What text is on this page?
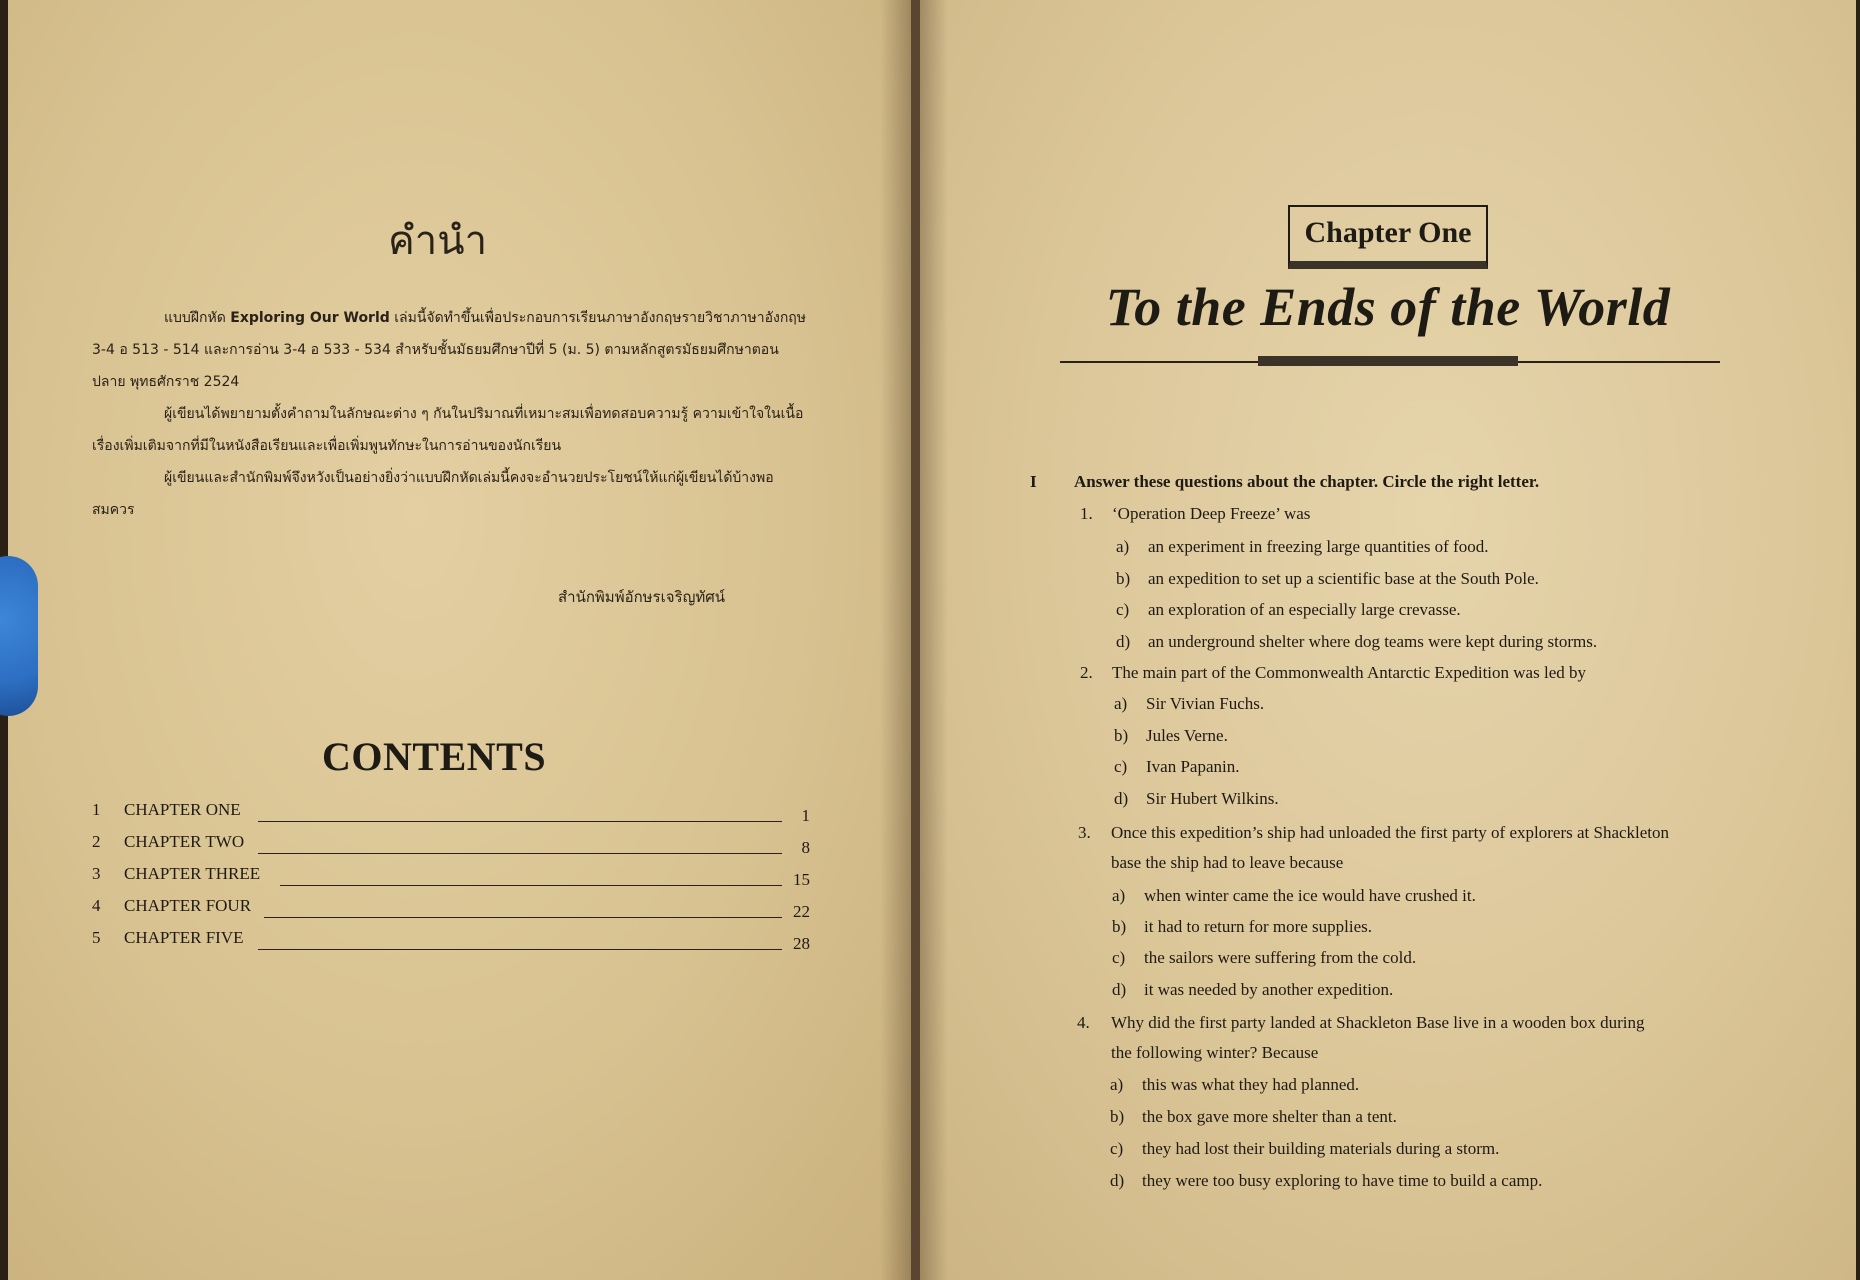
คำนำ

แบบฝึกหัด Exploring Our World เล่มนี้จัดทำขึ้นเพื่อประกอบการเรียนภาษาอังกฤษรายวิชาภาษาอังกฤษ 3-4 อ 513 - 514 และการอ่าน 3-4 อ 533 - 534 สำหรับชั้นมัธยมศึกษาปีที่ 5 (ม. 5) ตามหลักสูตรมัธยมศึกษาตอนปลาย พุทธศักราช 2524

ผู้เขียนได้พยายามตั้งคำถามในลักษณะต่าง ๆ กันในปริมาณที่เหมาะสมเพื่อทดสอบความรู้ ความเข้าใจในเนื้อเรื่องเพิ่มเติมจากที่มีในหนังสือเรียนและเพื่อเพิ่มพูนทักษะในการอ่านของนักเรียน

ผู้เขียนและสำนักพิมพ์จึงหวังเป็นอย่างยิ่งว่าแบบฝึกหัดเล่มนี้คงจะอำนวยประโยชน์ให้แก่ผู้เขียนได้บ้างพอสมควร

สำนักพิมพ์อักษรเจริญทัศน์
CONTENTS
1 CHAPTER ONE	1
2 CHAPTER TWO	8
3 CHAPTER THREE	15
4 CHAPTER FOUR	22
5 CHAPTER FIVE	28
Chapter One
To the Ends of the World
I Answer these questions about the chapter. Circle the right letter.
1. ‘Operation Deep Freeze’ was
a) an experiment in freezing large quantities of food.
b) an expedition to set up a scientific base at the South Pole.
c) an exploration of an especially large crevasse.
d) an underground shelter where dog teams were kept during storms.
2. The main part of the Commonwealth Antarctic Expedition was led by
a) Sir Vivian Fuchs.
b) Jules Verne.
c) Ivan Papanin.
d) Sir Hubert Wilkins.
3. Once this expedition’s ship had unloaded the first party of explorers at Shackleton
base the ship had to leave because
a) when winter came the ice would have crushed it.
b) it had to return for more supplies.
c) the sailors were suffering from the cold.
d) it was needed by another expedition.
4. Why did the first party landed at Shackleton Base live in a wooden box during
the following winter? Because
a) this was what they had planned.
b) the box gave more shelter than a tent.
c) they had lost their building materials during a storm.
d) they were too busy exploring to have time to build a camp.
